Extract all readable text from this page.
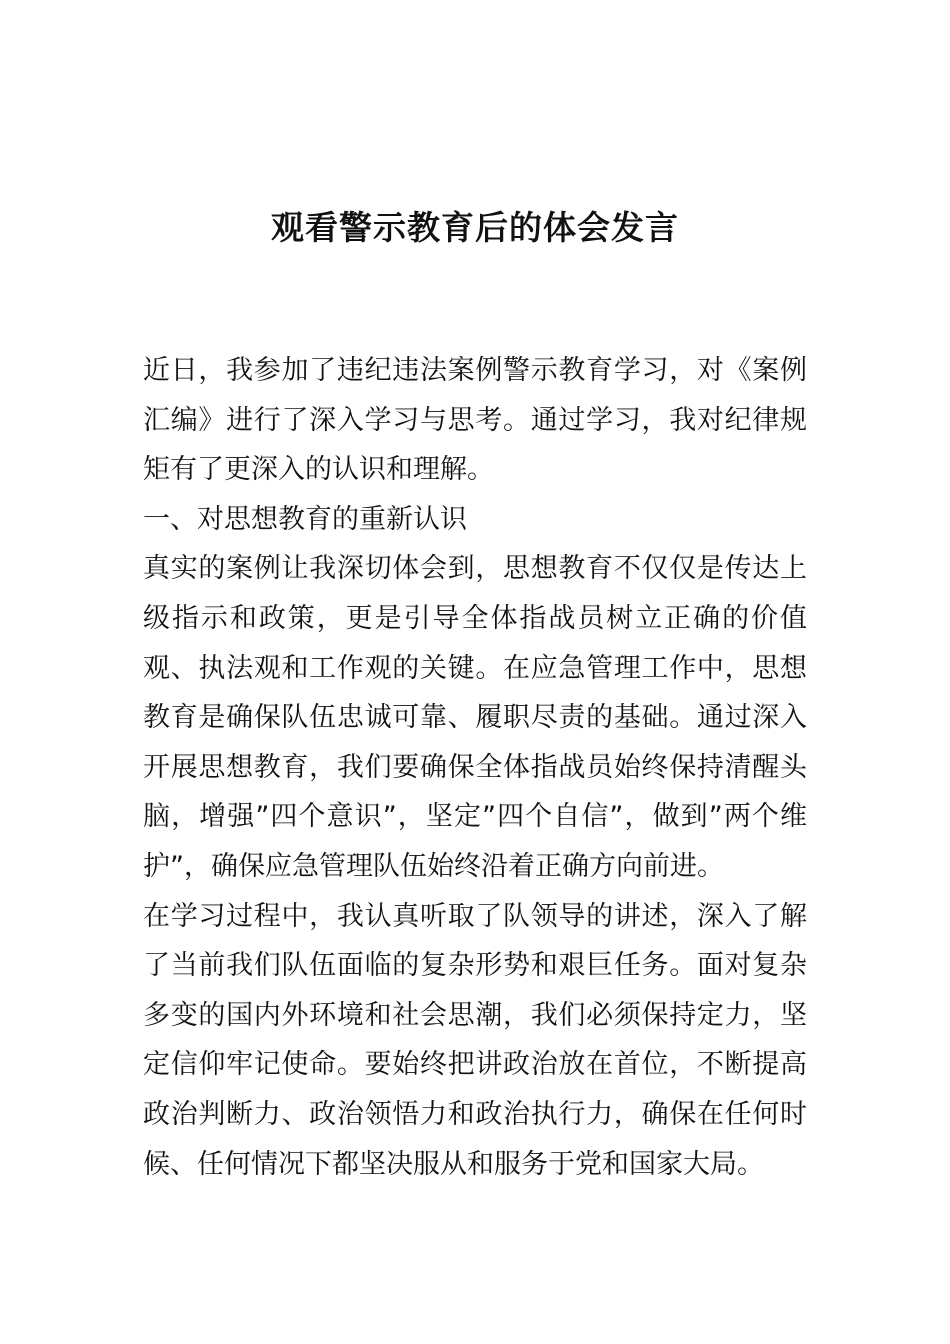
观看警示教育后的体会发言

近日，我参加了违纪违法案例警示教育学习，对《案例汇编》进行了深入学习与思考。通过学习，我对纪律规矩有了更深入的认识和理解。

一、对思想教育的重新认识

真实的案例让我深切体会到，思想教育不仅仅是传达上级指示和政策，更是引导全体指战员树立正确的价值观、执法观和工作观的关键。在应急管理工作中，思想教育是确保队伍忠诚可靠、履职尽责的基础。通过深入开展思想教育，我们要确保全体指战员始终保持清醒头脑，增强”四个意识”，坚定”四个自信”，做到”两个维护”，确保应急管理队伍始终沿着正确方向前进。

在学习过程中，我认真听取了队领导的讲述，深入了解了当前我们队伍面临的复杂形势和艰巨任务。面对复杂多变的国内外环境和社会思潮，我们必须保持定力，坚定信仰牢记使命。要始终把讲政治放在首位，不断提高政治判断力、政治领悟力和政治执行力，确保在任何时候、任何情况下都坚决服从和服务于党和国家大局。
